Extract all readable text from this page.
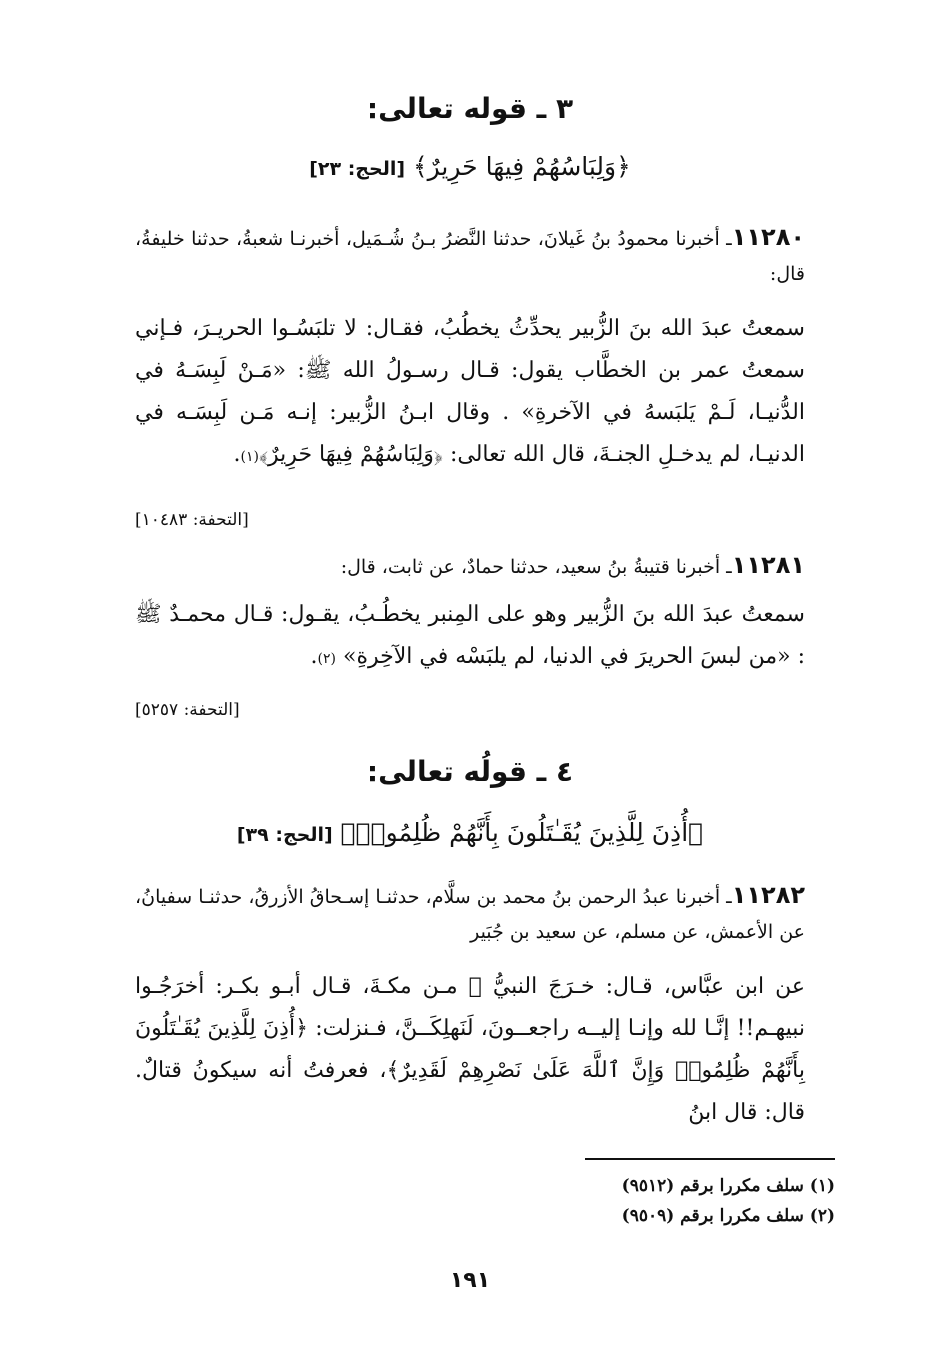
٣ ـ قوله تعالى:
﴿وَلِبَاسُهُمْ فِيهَا حَرِيرٌ﴾ [الحج: ٢٣]
١١٢٨٠ـ أخبرنا محمودُ بنُ غَيلانَ، حدثنا النَّضرُ بـنُ شُـمَيل، أخبرنـا شعبةُ، حدثنا خليفةُ، قال:
سمعتُ عبدَ الله بنَ الزُّبير يحدِّثُ يخطُبُ، فقـال: لا تلبَسُـوا الحريـرَ، فـإني سمعتُ عمر بن الخطَّاب يقول: قـال رسـولُ الله ﷺ: «مَـنْ لَبِسَـهُ في الدُّنيـا، لَـمْ يَلبَسهُ في الآخرةِ» . وقال ابـنُ الزُّبير: إنـه مَـن لَبِسَـه في الدنيـا، لم يدخـلِ الجنـةَ، قال الله تعالى: ﴿وَلِبَاسُهُمْ فِيهَا حَرِيرٌ﴾(١).
[التحفة: ١٠٤٨٣]
١١٢٨١ـ أخبرنا قتيبةُ بنُ سعيد، حدثنا حمادٌ، عن ثابت، قال:
سمعتُ عبدَ الله بنَ الزُّبير وهو على المِنبر يخطُـبُ، يقـول: قـال محمـدٌ ﷺ : «من لبسَ الحريرَ في الدنيا، لم يلبَسْه في الآخِرةِ» (٢).
[التحفة: ٥٢٥٧]
٤ ـ قولُه تعالى:
﴿أُذِنَ لِلَّذِينَ يُقَـٰتَلُونَ بِأَنَّهُمْ ظُلِمُوا۟﴾ [الحج: ٣٩]
١١٢٨٢ـ أخبرنا عبدُ الرحمن بنُ محمد بن سلَّام، حدثنـا إسـحاقُ الأزرقُ، حدثنـا سفيانُ، عن الأعمش، عن مسلم، عن سعيد بن جُبَير
عن ابن عبَّاس، قـال: خـرَجَ النبيُّ ﷺ مـن مكـةَ، قـال أبـو بكـر: أخرَجُـوا نبيهـم!! إنَّـا لله وإنـا إليــه راجعــونَ، لَنَهلِكَــنَّ، فـنزلت: ﴿أُذِنَ لِلَّذِينَ يُقَـٰتَلُونَ بِأَنَّهُمْ ظُلِمُوا۟ وَإِنَّ ٱللَّهَ عَلَىٰ نَصْرِهِمْ لَقَدِيرٌ﴾، فعرفتُ أنه سيكونُ قتالٌ. قال: قال ابنُ
(١) سلف مكررا برقم (٩٥١٢)
(٢) سلف مكررا برقم (٩٥٠٩)
١٩١
